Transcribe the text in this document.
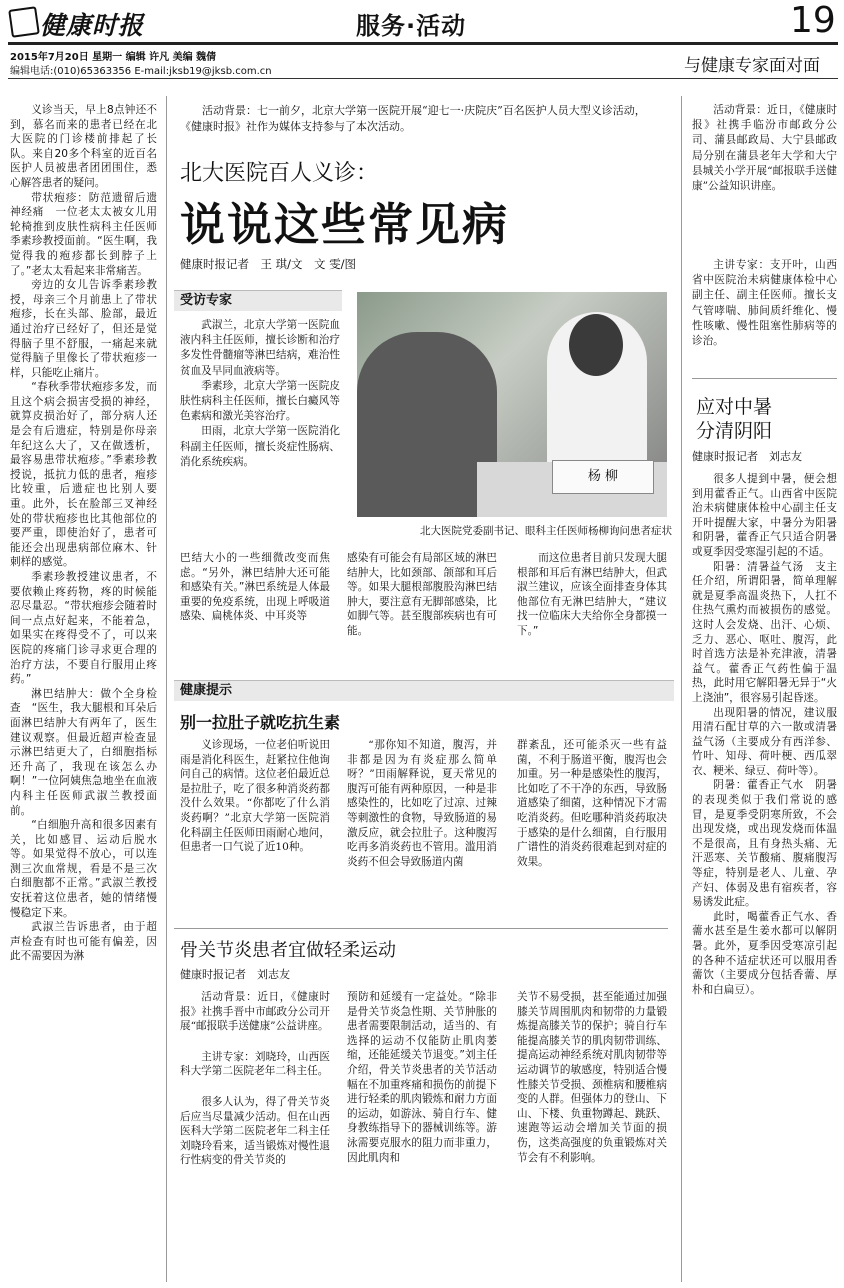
健康时报	服务·活动	19
2015年7月20日 星期一 编辑 许凡 美编 魏倩
编辑电话:(010)65363356 E-mail:jksb19@jksb.com.cn	与健康专家面对面

义诊当天，早上8点钟还不到，慕名而来的患者已经在北大医院的门诊楼前排起了长队。来自20多个科室的近百名医护人员被患者团团围住，悉心解答患者的疑问。

带状疱疹：防范遗留后遗神经痛　一位老太太被女儿用轮椅推到皮肤性病科主任医师季素珍教授面前。“医生啊，我觉得我的疱疹都长到脖子上了。”老太太看起来非常痛苦。

旁边的女儿告诉季素珍教授，母亲三个月前患上了带状疱疹，长在头部、脸部，最近通过治疗已经好了，但还是觉得脑子里不舒服，一痛起来就觉得脑子里像长了带状疱疹一样，只能吃止痛片。

“春秋季带状疱疹多发，而且这个病会损害受损的神经，就算皮损治好了，部分病人还是会有后遗症，特别是你母亲年纪这么大了，又在做透析，最容易患带状疱疹。”季素珍教授说，抵抗力低的患者，疱疹比较重，后遗症也比别人要重。此外，长在脸部三叉神经处的带状疱疹也比其他部位的要严重，即使治好了，患者可能还会出现患病部位麻木、针刺样的感觉。

季素珍教授建议患者，不要依赖止疼药物，疼的时候能忍尽量忍。“带状疱疹会随着时间一点点好起来，不能着急，如果实在疼得受不了，可以来医院的疼痛门诊寻求更合理的治疗方法，不要自行服用止疼药。”

淋巴结肿大：做个全身检查　“医生，我大腿根和耳朵后面淋巴结肿大有两年了，医生建议观察。但最近超声检查显示淋巴结更大了，白细胞指标还升高了，我现在该怎么办啊！”一位阿姨焦急地坐在血液内科主任医师武淑兰教授面前。

“白细胞升高和很多因素有关，比如感冒、运动后脱水等。如果觉得不放心，可以连测三次血常规，看是不是三次白细胞都不正常。”武淑兰教授安抚着这位患者，她的情绪慢慢稳定下来。

武淑兰告诉患者，由于超声检查有时也可能有偏差，因此不需要因为淋

活动背景：七一前夕，北京大学第一医院开展“迎七一·庆院庆”百名医护人员大型义诊活动，《健康时报》社作为媒体支持参与了本次活动。
北大医院百人义诊：
说说这些常见病
健康时报记者　王 琪/文　文 雯/图
受访专家

武淑兰，北京大学第一医院血液内科主任医师，擅长诊断和治疗多发性骨髓瘤等淋巴结病，难治性贫血及早同血液病等。

季素珍，北京大学第一医院皮肤性病科主任医师，擅长白癜风等色素病和激光美容治疗。

田雨，北京大学第一医院消化科副主任医师，擅长炎症性肠病、消化系统疾病。

杨 柳
北大医院党委副书记、眼科主任医师杨柳询问患者症状

巴结大小的一些细微改变而焦虑。“另外，淋巴结肿大还可能和感染有关。”淋巴系统是人体最重要的免疫系统，出现上呼吸道感染、扁桃体炎、中耳炎等

感染有可能会有局部区域的淋巴结肿大，比如颈部、颌部和耳后等。如果大腿根部腹股沟淋巴结肿大，要注意有无脚部感染，比如脚气等。甚至腹部疾病也有可能。

而这位患者目前只发现大腿根部和耳后有淋巴结肿大，但武淑兰建议，应该全面排查身体其他部位有无淋巴结肿大，“建议找一位临床大夫给你全身都摸一下。”

健康提示
别一拉肚子就吃抗生素

义诊现场，一位老伯听说田雨是消化科医生，赶紧拉住他询问自己的病情。这位老伯最近总是拉肚子，吃了很多种消炎药都没什么效果。“你都吃了什么消炎药啊？”北京大学第一医院消化科副主任医师田雨耐心地问，但患者一口气说了近10种。

“那你知不知道，腹泻，并非都是因为有炎症那么简单呀？”田雨解释说，夏天常见的腹泻可能有两种原因，一种是非感染性的，比如吃了过凉、过辣等刺激性的食物，导致肠道的易激反应，就会拉肚子。这种腹泻吃再多消炎药也不管用。滥用消炎药不但会导致肠道内菌

群紊乱，还可能杀灭一些有益菌，不利于肠道平衡，腹泻也会加重。另一种是感染性的腹泻，比如吃了不干净的东西，导致肠道感染了细菌，这种情况下才需吃消炎药。但吃哪种消炎药取决于感染的是什么细菌，自行服用广谱性的消炎药很难起到对症的效果。

骨关节炎患者宜做轻柔运动
健康时报记者　刘志友

活动背景：近日，《健康时报》社携手晋中市邮政分公司开展“邮报联手送健康”公益讲座。

主讲专家：刘晓玲，山西医科大学第二医院老年二科主任。

很多人认为，得了骨关节炎后应当尽量减少活动。但在山西医科大学第二医院老年二科主任刘晓玲看来，适当锻炼对慢性退行性病变的骨关节炎的

预防和延缓有一定益处。“除非是骨关节炎急性期、关节肿胀的患者需要限制活动，适当的、有选择的运动不仅能防止肌肉萎缩，还能延缓关节退变。”刘主任介绍，骨关节炎患者的关节活动幅在不加重疼痛和损伤的前提下进行轻柔的肌肉锻炼和耐力方面的运动，如游泳、骑自行车、健身教练指导下的器械训练等。游泳需要克服水的阻力而非重力，因此肌肉和

关节不易受损，甚至能通过加强膝关节周围肌肉和韧带的力量锻炼提高膝关节的保护；骑自行车能提高膝关节的肌肉韧带训练、提高运动神经系统对肌肉韧带等运动调节的敏感度，特别适合慢性膝关节受损、颈椎病和腰椎病变的人群。但强体力的登山、下山、下楼、负重物蹲起、跳跃、速跑等运动会增加关节面的损伤，这类高强度的负重锻炼对关节会有不利影响。

活动背景：近日，《健康时报》社携手临汾市邮政分公司、蒲县邮政局、大宁县邮政局分别在蒲县老年大学和大宁县城关小学开展“邮报联手送健康”公益知识讲座。

主讲专家：支开叶，山西省中医院治未病健康体检中心副主任、副主任医师。擅长支气管哮喘、肺间质纤维化、慢性咳嗽、慢性阻塞性肺病等的诊治。

应对中暑
分清阴阳
健康时报记者　刘志友

很多人提到中暑，便会想到用藿香正气。山西省中医院治未病健康体检中心副主任支开叶提醒大家，中暑分为阳暑和阴暑，藿香正气只适合阴暑或夏季因受寒湿引起的不适。

阳暑：清暑益气汤　支主任介绍，所谓阳暑，简单理解就是夏季高温炎热下，人扛不住热气熏灼而被损伤的感觉。这时人会发烧、出汗、心烦、乏力、恶心、呕吐、腹泻，此时首选方法是补充津液，清暑益气。藿香正气药性偏于温热，此时用它解阳暑无异于“火上浇油”，很容易引起昏迷。

出现阳暑的情况，建议服用清石配甘草的六一散或清暑益气汤（主要成分有西洋参、竹叶、知母、荷叶梗、西瓜翠衣、粳米、绿豆、荷叶等）。

阴暑：藿香正气水　阴暑的表现类似于我们常说的感冒，是夏季受阴寒所致，不会出现发烧，或出现发烧而体温不是很高，且有身热头痛、无汗恶寒、关节酸痛、腹痛腹泻等症，特别是老人、儿童、孕产妇、体弱及患有宿疾者，容易诱发此症。

此时，喝藿香正气水、香薷水甚至是生姜水都可以解阴暑。此外，夏季因受寒凉引起的各种不适症状还可以服用香薷饮（主要成分包括香薷、厚朴和白扁豆）。
